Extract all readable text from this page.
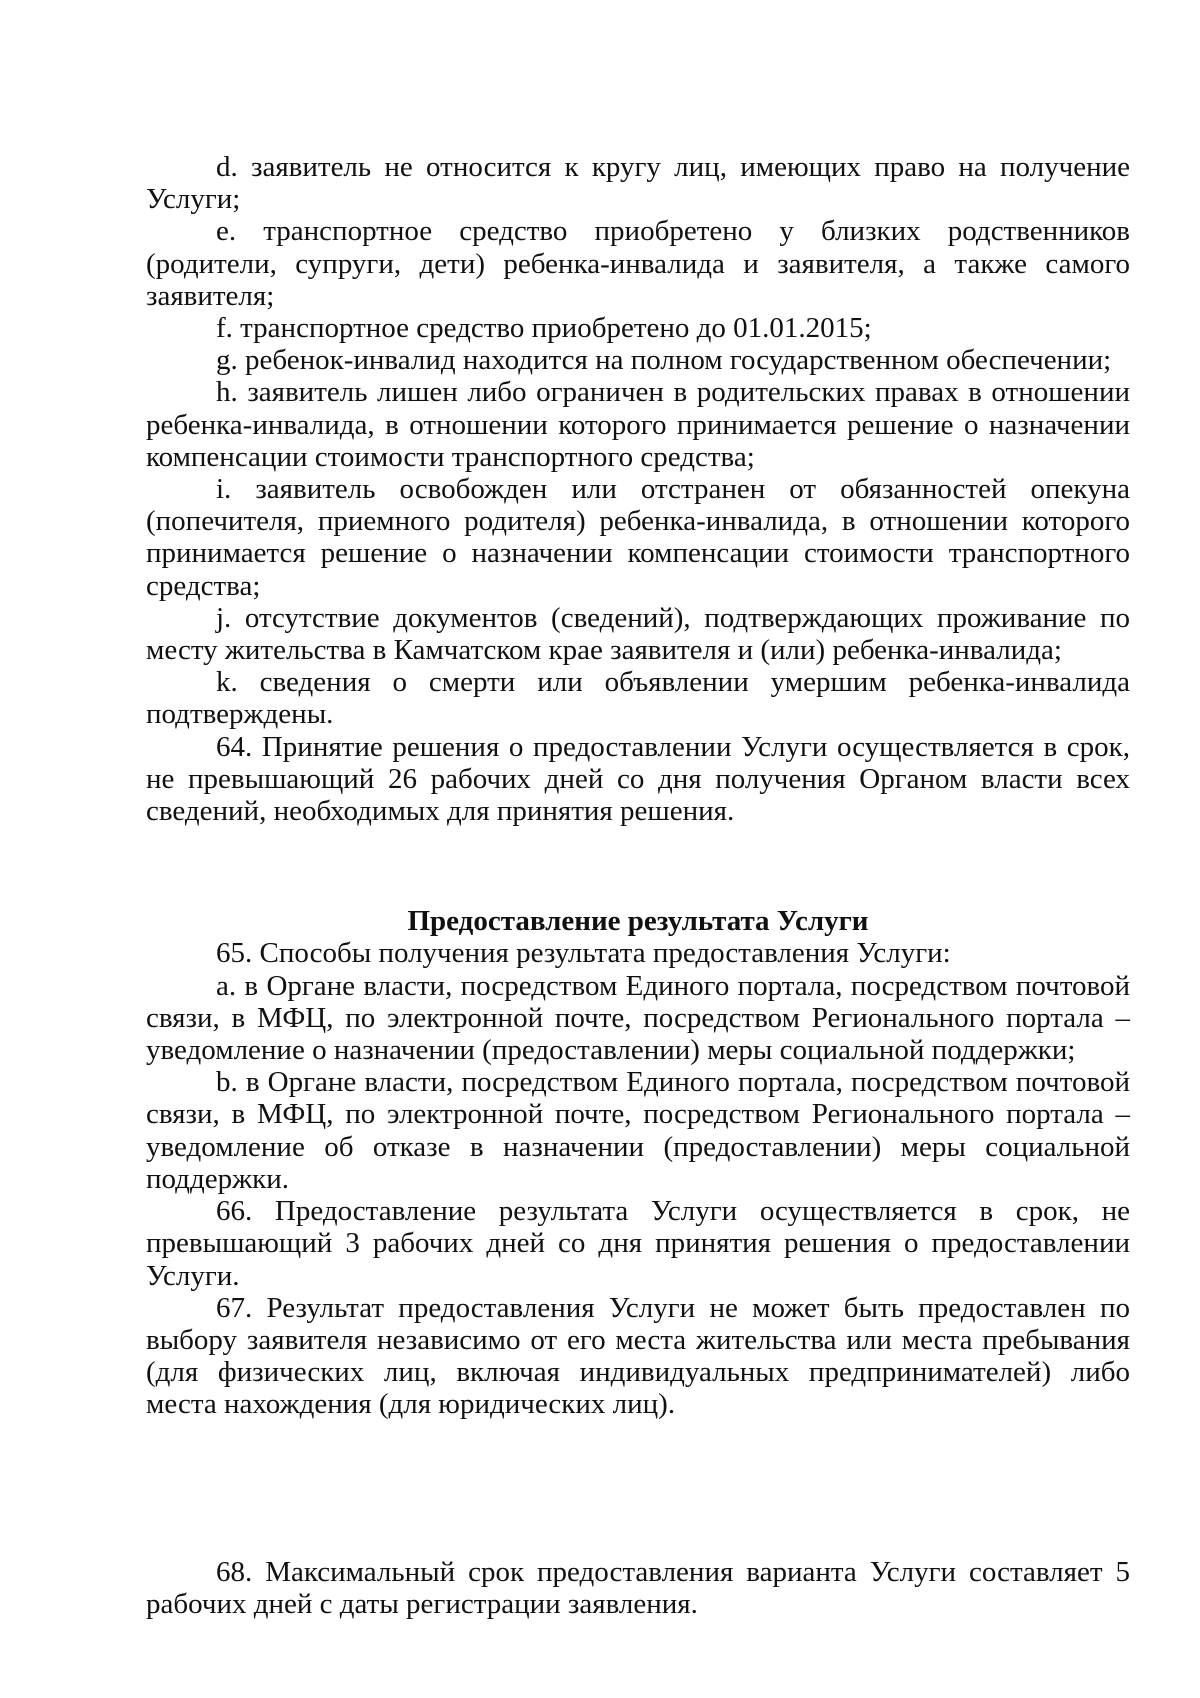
d. заявитель не относится к кругу лиц, имеющих право на получение Услуги;

e. транспортное средство приобретено у близких родственников (родители, супруги, дети) ребенка-инвалида и заявителя, а также самого заявителя;

f. транспортное средство приобретено до 01.01.2015;

g. ребенок-инвалид находится на полном государственном обеспечении;

h. заявитель лишен либо ограничен в родительских правах в отношении ребенка-инвалида, в отношении которого принимается решение о назначении компенсации стоимости транспортного средства;

i. заявитель освобожден или отстранен от обязанностей опекуна (попечителя, приемного родителя) ребенка-инвалида, в отношении которого принимается решение о назначении компенсации стоимости транспортного средства;

j. отсутствие документов (сведений), подтверждающих проживание по месту жительства в Камчатском крае заявителя и (или) ребенка-инвалида;

k. сведения о смерти или объявлении умершим ребенка-инвалида подтверждены.

64. Принятие решения о предоставлении Услуги осуществляется в срок, не превышающий 26 рабочих дней со дня получения Органом власти всех сведений, необходимых для принятия решения.

Предоставление результата Услуги

65. Способы получения результата предоставления Услуги:

a. в Органе власти, посредством Единого портала, посредством почтовой связи, в МФЦ, по электронной почте, посредством Регионального портала – уведомление о назначении (предоставлении) меры социальной поддержки;

b. в Органе власти, посредством Единого портала, посредством почтовой связи, в МФЦ, по электронной почте, посредством Регионального портала – уведомление об отказе в назначении (предоставлении) меры социальной поддержки.

66. Предоставление результата Услуги осуществляется в срок, не превышающий 3 рабочих дней со дня принятия решения о предоставлении Услуги.

67. Результат предоставления Услуги не может быть предоставлен по выбору заявителя независимо от его места жительства или места пребывания (для физических лиц, включая индивидуальных предпринимателей) либо места нахождения (для юридических лиц).

68. Максимальный срок предоставления варианта Услуги составляет 5 рабочих дней с даты регистрации заявления.
